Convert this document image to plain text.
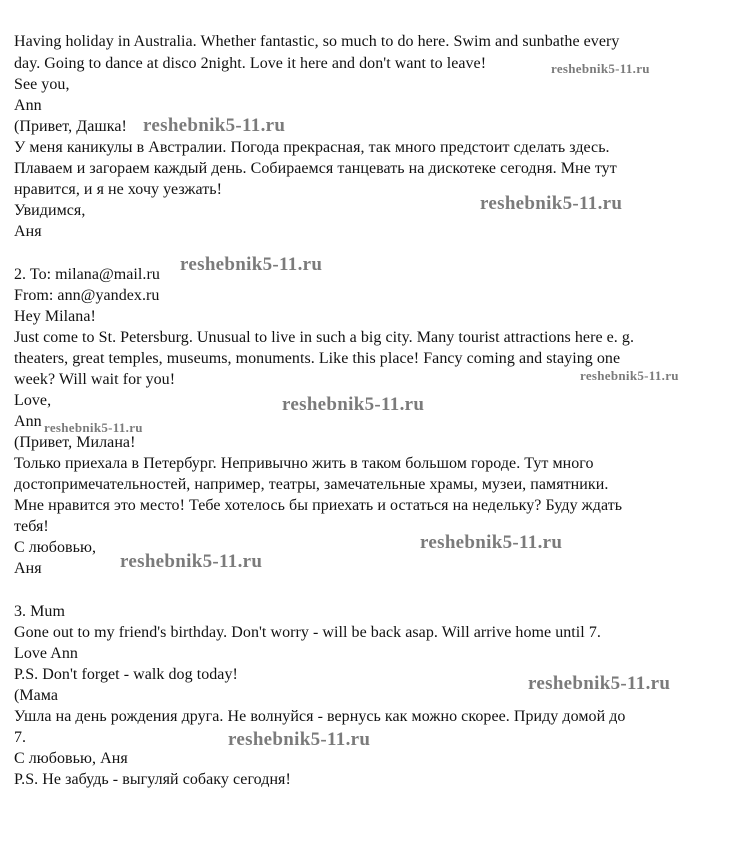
Having holiday in Australia. Whether fantastic, so much to do here. Swim and sunbathe every
day. Going to dance at disco 2night. Love it here and don't want to leave!
See you,
Ann
(Привет, Дашка!
У меня каникулы в Австралии. Погода прекрасная, так много предстоит сделать здесь.
Плаваем и загораем каждый день. Собираемся танцевать на дискотеке сегодня. Мне тут
нравится, и я не хочу уезжать!
Увидимся,
Аня
2. To: milana@mail.ru
From: ann@yandex.ru
Hey Milana!
Just come to St. Petersburg. Unusual to live in such a big city. Many tourist attractions here e. g.
theaters, great temples, museums, monuments. Like this place! Fancy coming and staying one
week? Will wait for you!
Love,
Ann
(Привет, Милана!
Только приехала в Петербург. Непривычно жить в таком большом городе. Тут много
достопримечательностей, например, театры, замечательные храмы, музеи, памятники.
Мне нравится это место! Тебе хотелось бы приехать и остаться на недельку? Буду ждать
тебя!
С любовью,
Аня
3. Mum
Gone out to my friend's birthday. Don't worry - will be back asap. Will arrive home until 7.
Love Ann
P.S. Don't forget - walk dog today!
(Мама
Ушла на день рождения друга. Не волнуйся - вернусь как можно скорее. Приду домой до
7.
С любовью, Аня
P.S. Не забудь - выгуляй собаку сегодня!
reshebnik5-11.ru
reshebnik5-11.ru
reshebnik5-11.ru
reshebnik5-11.ru
reshebnik5-11.ru
reshebnik5-11.ru
reshebnik5-11.ru
reshebnik5-11.ru
reshebnik5-11.ru
reshebnik5-11.ru
reshebnik5-11.ru
